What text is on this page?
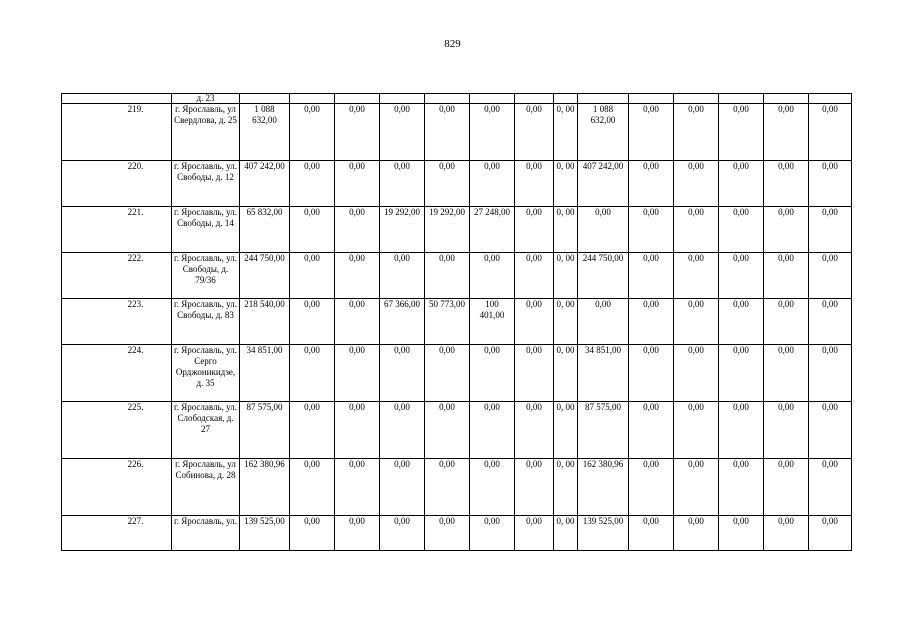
829
	д. 23														
219.	г. Ярославль, ул Свердлова, д. 25	1 088 632,00	0,00	0,00	0,00	0,00	0,00	0,00	0, 00	1 088 632,00	0,00	0,00	0,00	0,00	0,00
220.	г. Ярославль, ул. Свободы, д. 12	407 242,00	0,00	0,00	0,00	0,00	0,00	0,00	0, 00	407 242,00	0,00	0,00	0,00	0,00	0,00
221.	г. Ярославль, ул. Свободы, д. 14	65 832,00	0,00	0,00	19 292,00	19 292,00	27 248,00	0,00	0, 00	0,00	0,00	0,00	0,00	0,00	0,00
222.	г. Ярославль, ул. Свободы, д. 79/36	244 750,00	0,00	0,00	0,00	0,00	0,00	0,00	0, 00	244 750,00	0,00	0,00	0,00	0,00	0,00
223.	г. Ярославль, ул. Свободы, д. 83	218 540,00	0,00	0,00	67 366,00	50 773,00	100 401,00	0,00	0, 00	0,00	0,00	0,00	0,00	0,00	0,00
224.	г. Ярославль, ул. Серго Орджоникидзе, д. 35	34 851,00	0,00	0,00	0,00	0,00	0,00	0,00	0, 00	34 851,00	0,00	0,00	0,00	0,00	0,00
225.	г. Ярославль, ул. Слободская, д. 27	87 575,00	0,00	0,00	0,00	0,00	0,00	0,00	0, 00	87 575,00	0,00	0,00	0,00	0,00	0,00
226.	г. Ярославль, ул Собинова, д. 28	162 380,96	0,00	0,00	0,00	0,00	0,00	0,00	0, 00	162 380,96	0,00	0,00	0,00	0,00	0,00
227.	г. Ярославль, ул.	139 525,00	0,00	0,00	0,00	0,00	0,00	0,00	0, 00	139 525,00	0,00	0,00	0,00	0,00	0,00
